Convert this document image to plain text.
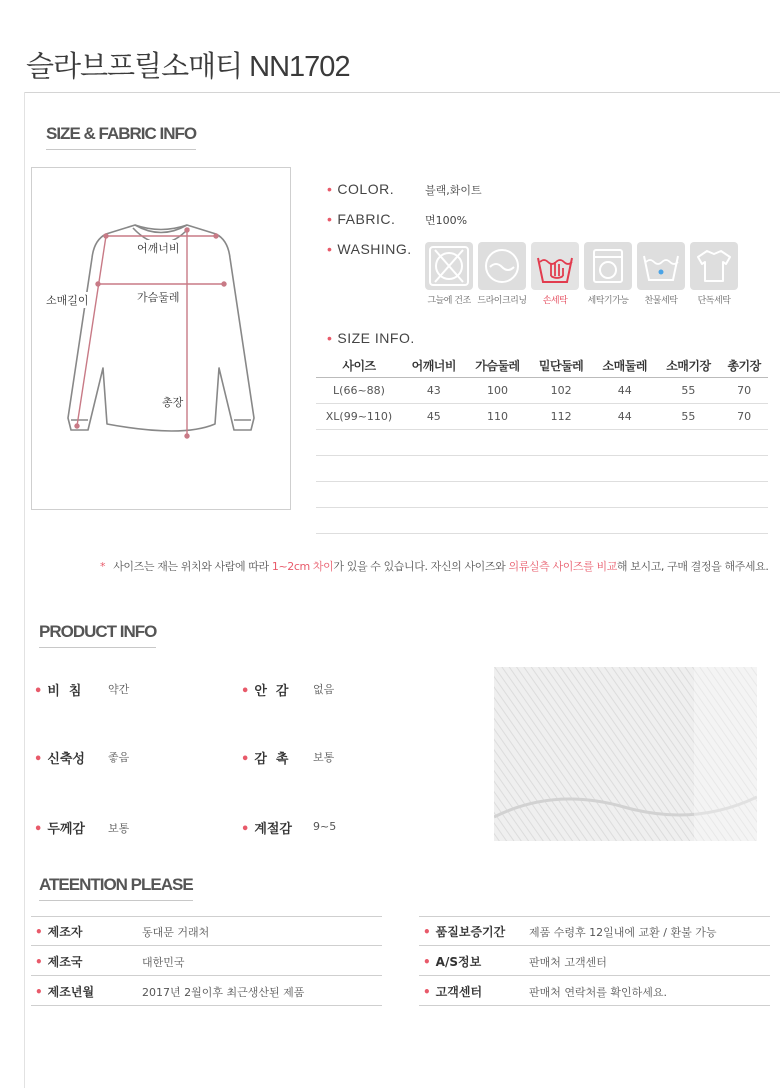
슬라브프릴소매티 NN1702
SIZE & FABRIC INFO
어깨너비
가슴둘레
소매길이
총장
• COLOR.	블랙,화이트
• FABRIC.	면100%
• WASHING.
그늘에 건조 드라이크리닝	손세탁	세탁기가능	찬물세탁	단독세탁
• SIZE INFO.
사이즈	어깨너비	가슴둘레	밑단둘레	소매둘레	소매기장	총기장
L(66~88)	43	100	102	44	55	70
XL(99~110)	45	110	112	44	55	70

* 사이즈는 재는 위치와 사람에 따라 1~2cm 차이가 있을 수 있습니다. 자신의 사이즈와 의류실측 사이즈를 비교해 보시고, 구매 결정을 해주세요.
PRODUCT INFO
• 비  침 약간	• 안  감 없음
• 신축성 좋음	• 감  촉 보통
• 두께감 보통	• 계절감 9~5
ATEENTION PLEASE
• 제조자	동대문 거래처
• 제조국	대한민국
• 제조년월	2017년 2월이후 최근생산된 제품
• 품질보증기간 제품 수령후 12일내에 교환 / 환불 가능
• A/S정보	판매처 고객센터
• 고객센터	판매처 연락처를 확인하세요.
